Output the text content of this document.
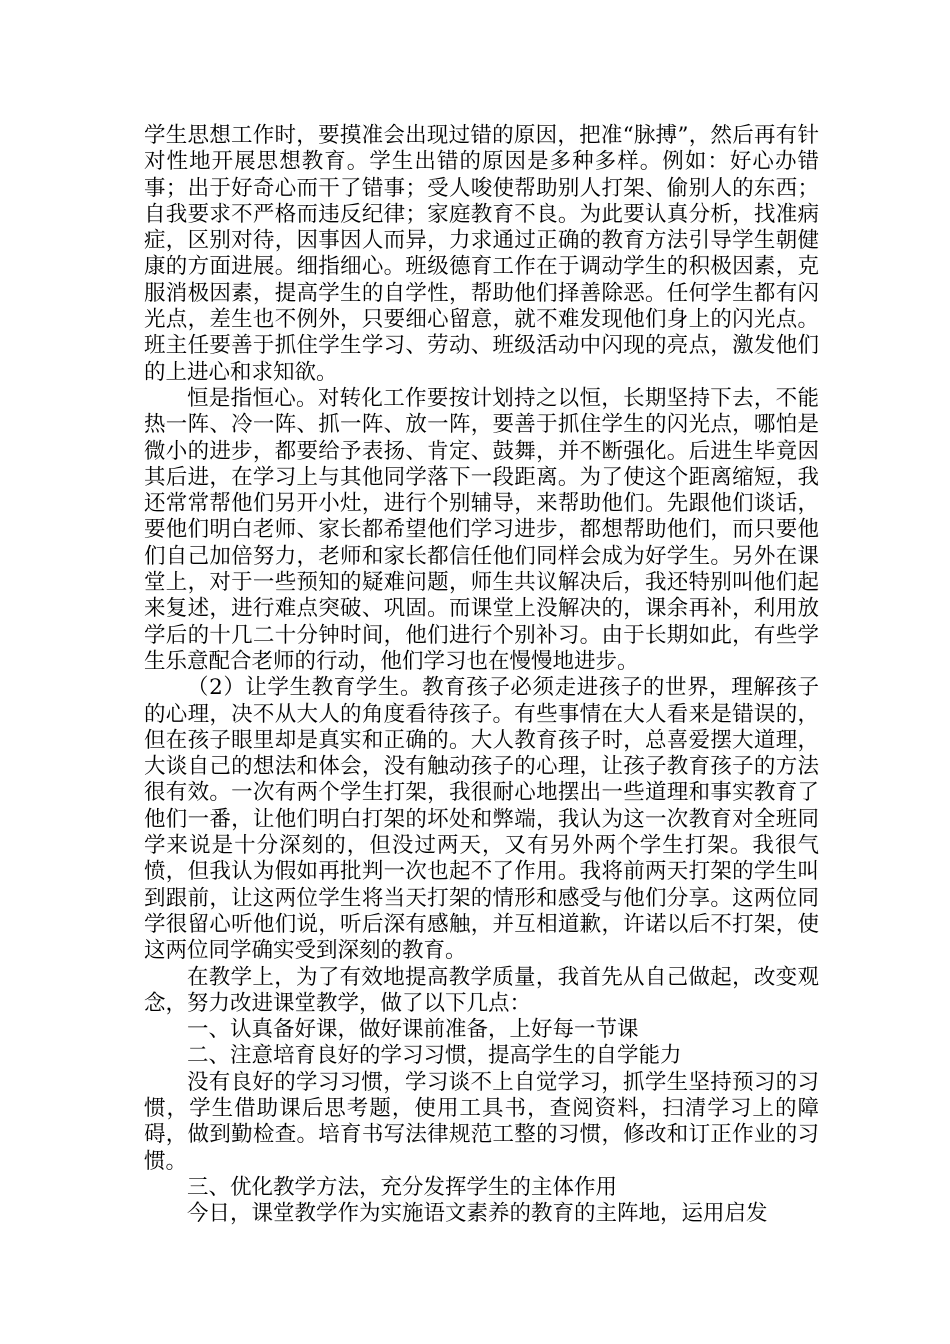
学生思想工作时，要摸准会出现过错的原因，把准“脉搏”，然后再有针对性地开展思想教育。学生出错的原因是多种多样。例如：好心办错事；出于好奇心而干了错事；受人唆使帮助别人打架、偷别人的东西；自我要求不严格而违反纪律；家庭教育不良。为此要认真分析，找准病症，区别对待，因事因人而异，力求通过正确的教育方法引导学生朝健康的方面进展。细指细心。班级德育工作在于调动学生的积极因素，克服消极因素，提高学生的自学性，帮助他们择善除恶。任何学生都有闪光点，差生也不例外，只要细心留意，就不难发现他们身上的闪光点。班主任要善于抓住学生学习、劳动、班级活动中闪现的亮点，激发他们的上进心和求知欲。

恒是指恒心。对转化工作要按计划持之以恒，长期坚持下去，不能热一阵、冷一阵、抓一阵、放一阵，要善于抓住学生的闪光点，哪怕是微小的进步，都要给予表扬、肯定、鼓舞，并不断强化。后进生毕竟因其后进，在学习上与其他同学落下一段距离。为了使这个距离缩短，我还常常帮他们另开小灶，进行个别辅导，来帮助他们。先跟他们谈话，要他们明白老师、家长都希望他们学习进步，都想帮助他们，而只要他们自己加倍努力，老师和家长都信任他们同样会成为好学生。另外在课堂上，对于一些预知的疑难问题，师生共议解决后，我还特别叫他们起来复述，进行难点突破、巩固。而课堂上没解决的，课余再补，利用放学后的十几二十分钟时间，他们进行个别补习。由于长期如此，有些学生乐意配合老师的行动，他们学习也在慢慢地进步。

（2）让学生教育学生。教育孩子必须走进孩子的世界，理解孩子的心理，决不从大人的角度看待孩子。有些事情在大人看来是错误的，但在孩子眼里却是真实和正确的。大人教育孩子时，总喜爱摆大道理，大谈自己的想法和体会，没有触动孩子的心理，让孩子教育孩子的方法很有效。一次有两个学生打架，我很耐心地摆出一些道理和事实教育了他们一番，让他们明白打架的坏处和弊端，我认为这一次教育对全班同学来说是十分深刻的，但没过两天，又有另外两个学生打架。我很气愤，但我认为假如再批判一次也起不了作用。我将前两天打架的学生叫到跟前，让这两位学生将当天打架的情形和感受与他们分享。这两位同学很留心听他们说，听后深有感触，并互相道歉，许诺以后不打架，使这两位同学确实受到深刻的教育。

在教学上，为了有效地提高教学质量，我首先从自己做起，改变观念，努力改进课堂教学，做了以下几点：

一、认真备好课，做好课前准备，上好每一节课

二、注意培育良好的学习习惯，提高学生的自学能力

没有良好的学习习惯，学习谈不上自觉学习，抓学生坚持预习的习惯，学生借助课后思考题，使用工具书，查阅资料，扫清学习上的障碍，做到勤检查。培育书写法律规范工整的习惯，修改和订正作业的习惯。

三、优化教学方法，充分发挥学生的主体作用

今日，课堂教学作为实施语文素养的教育的主阵地，运用启发
